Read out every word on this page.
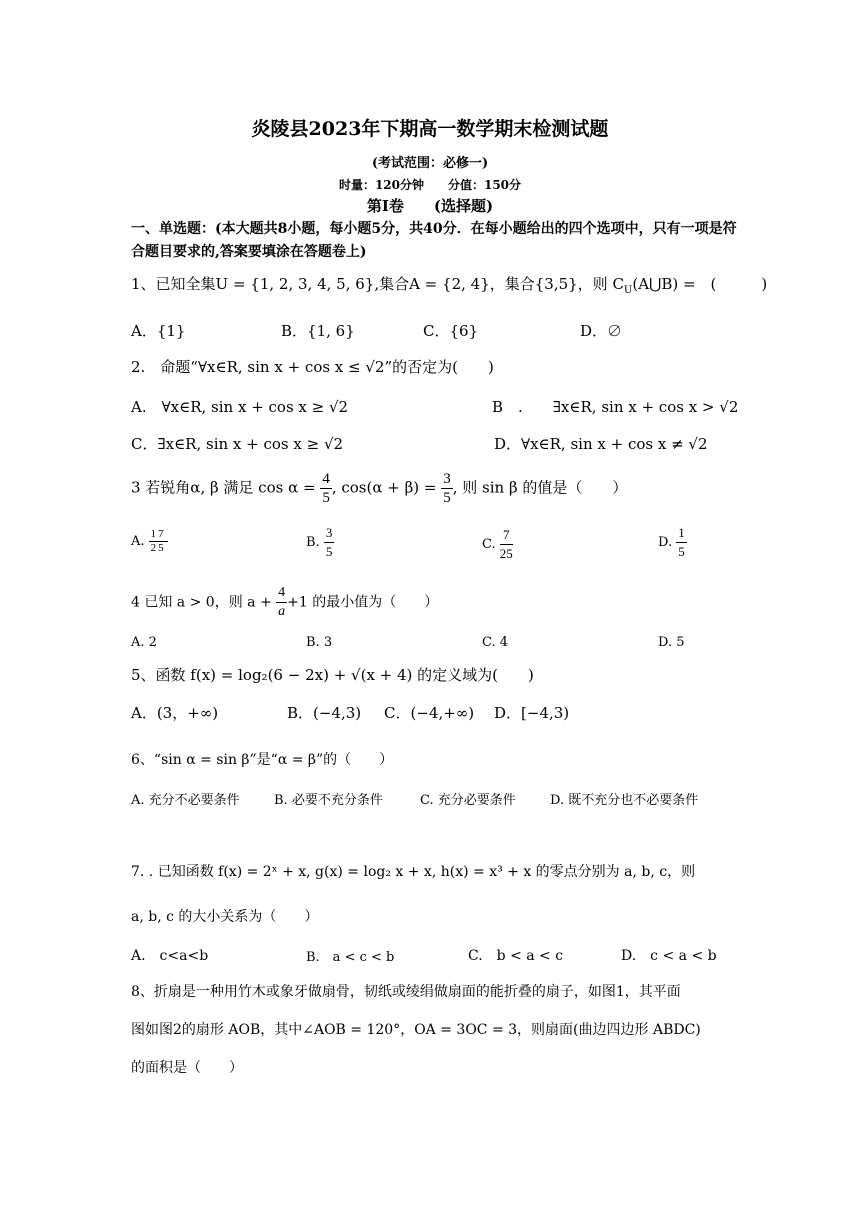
炎陵县2023年下期高一数学期末检测试题
(考试范围：必修一)
时量：120分钟　　分值：150分
第Ⅰ卷　　(选择题)
一、单选题：(本大题共8小题，每小题5分，共40分．在每小题给出的四个选项中，只有一项是符合题目要求的,答案要填涂在答题卷上)
1、已知全集U = {1, 2, 3, 4, 5, 6},集合A = {2, 4}，集合{3,5}，则 $C_U(A⋃B)$ =　(　　　)
A．{1}	B．{1, 6}	C．{6}	D．∅
2.　命题“∀x∈R, sin x + cos x ≤ √2”的否定为(　　)
A.　∀x∈R, sin x + cos x ≥ √2	B　.　　∃x∈R, sin x + cos x > √2
C．∃x∈R, sin x + cos x ≥ √2	D．∀x∈R, sin x + cos x ≠ √2
3 若锐角α, β 满足 $\cos \alpha = \frac{4}{5}$ , $\cos(\alpha + \beta) = \frac{3}{5}$ , 则 sin β 的值是（　　）
A. $\frac{17}{25}$	B. $\frac{3}{5}$	C. $\frac{7}{25}$	D. $\frac{1}{5}$
4 已知 a > 0，则 $a + \frac{4}{a} +1$ 的最小值为（　　）
A. 2	B. 3	C. 4	D. 5
5、函数 f(x) = log₂(6 − 2x) + √(x + 4) 的定义域为(　　)
A．(3，+∞)	B．(−4,3) C．(−4,+∞) D．[−4,3)
6、“sin α = sin β”是“α = β”的（　　）
A. 充分不必要条件	B. 必要不充分条件	C. 充分必要条件	D. 既不充分也不必要条件
7. . 已知函数 f(x) = 2ˣ + x, g(x) = log₂ x + x, h(x) = x³ + x 的零点分别为 a, b, c，则
a, b, c 的大小关系为（　　）
A.　c<a<b	B.　a < c < b	C.　b < a < c	D.　c < a < b
8、折扇是一种用竹木或象牙做扇骨，韧纸或绫绢做扇面的能折叠的扇子，如图1，其平面
图如图2的扇形 AOB，其中∠AOB = 120°，OA = 3OC = 3，则扇面(曲边四边形 ABDC)
的面积是（　　）
